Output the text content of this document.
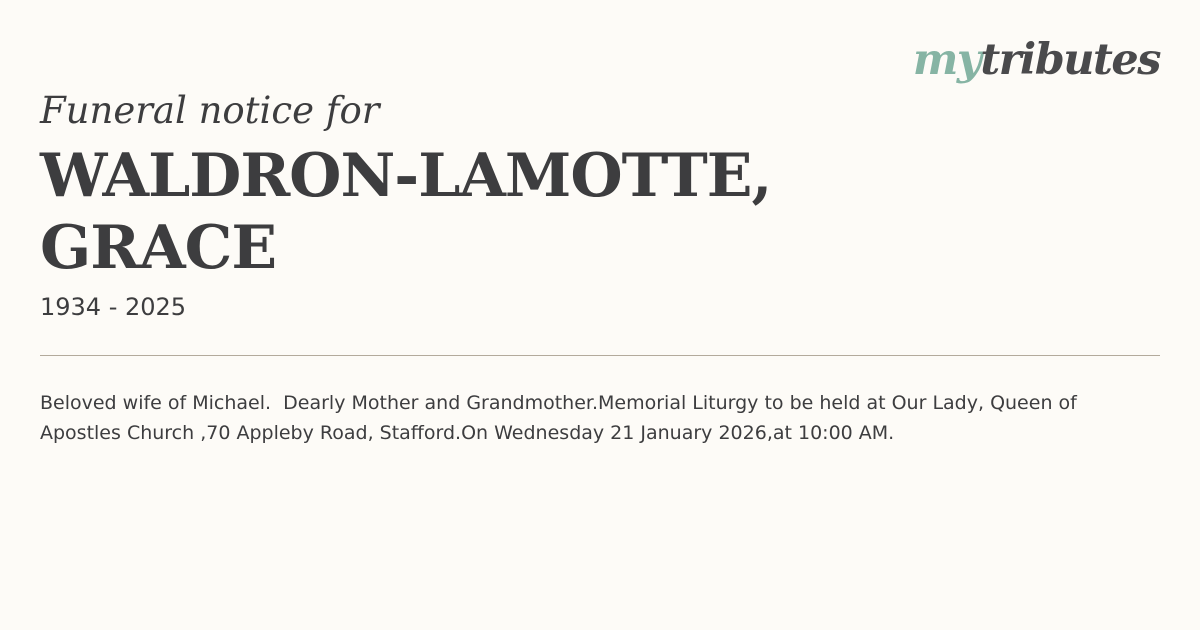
mytributes
Funeral notice for
WALDRON-LAMOTTE,
GRACE
1934 - 2025

Beloved wife of Michael.  Dearly Mother and Grandmother.Memorial Liturgy to be held at Our Lady, Queen of Apostles Church ,70 Appleby Road, Stafford.On Wednesday 21 January 2026,at 10:00 AM.
